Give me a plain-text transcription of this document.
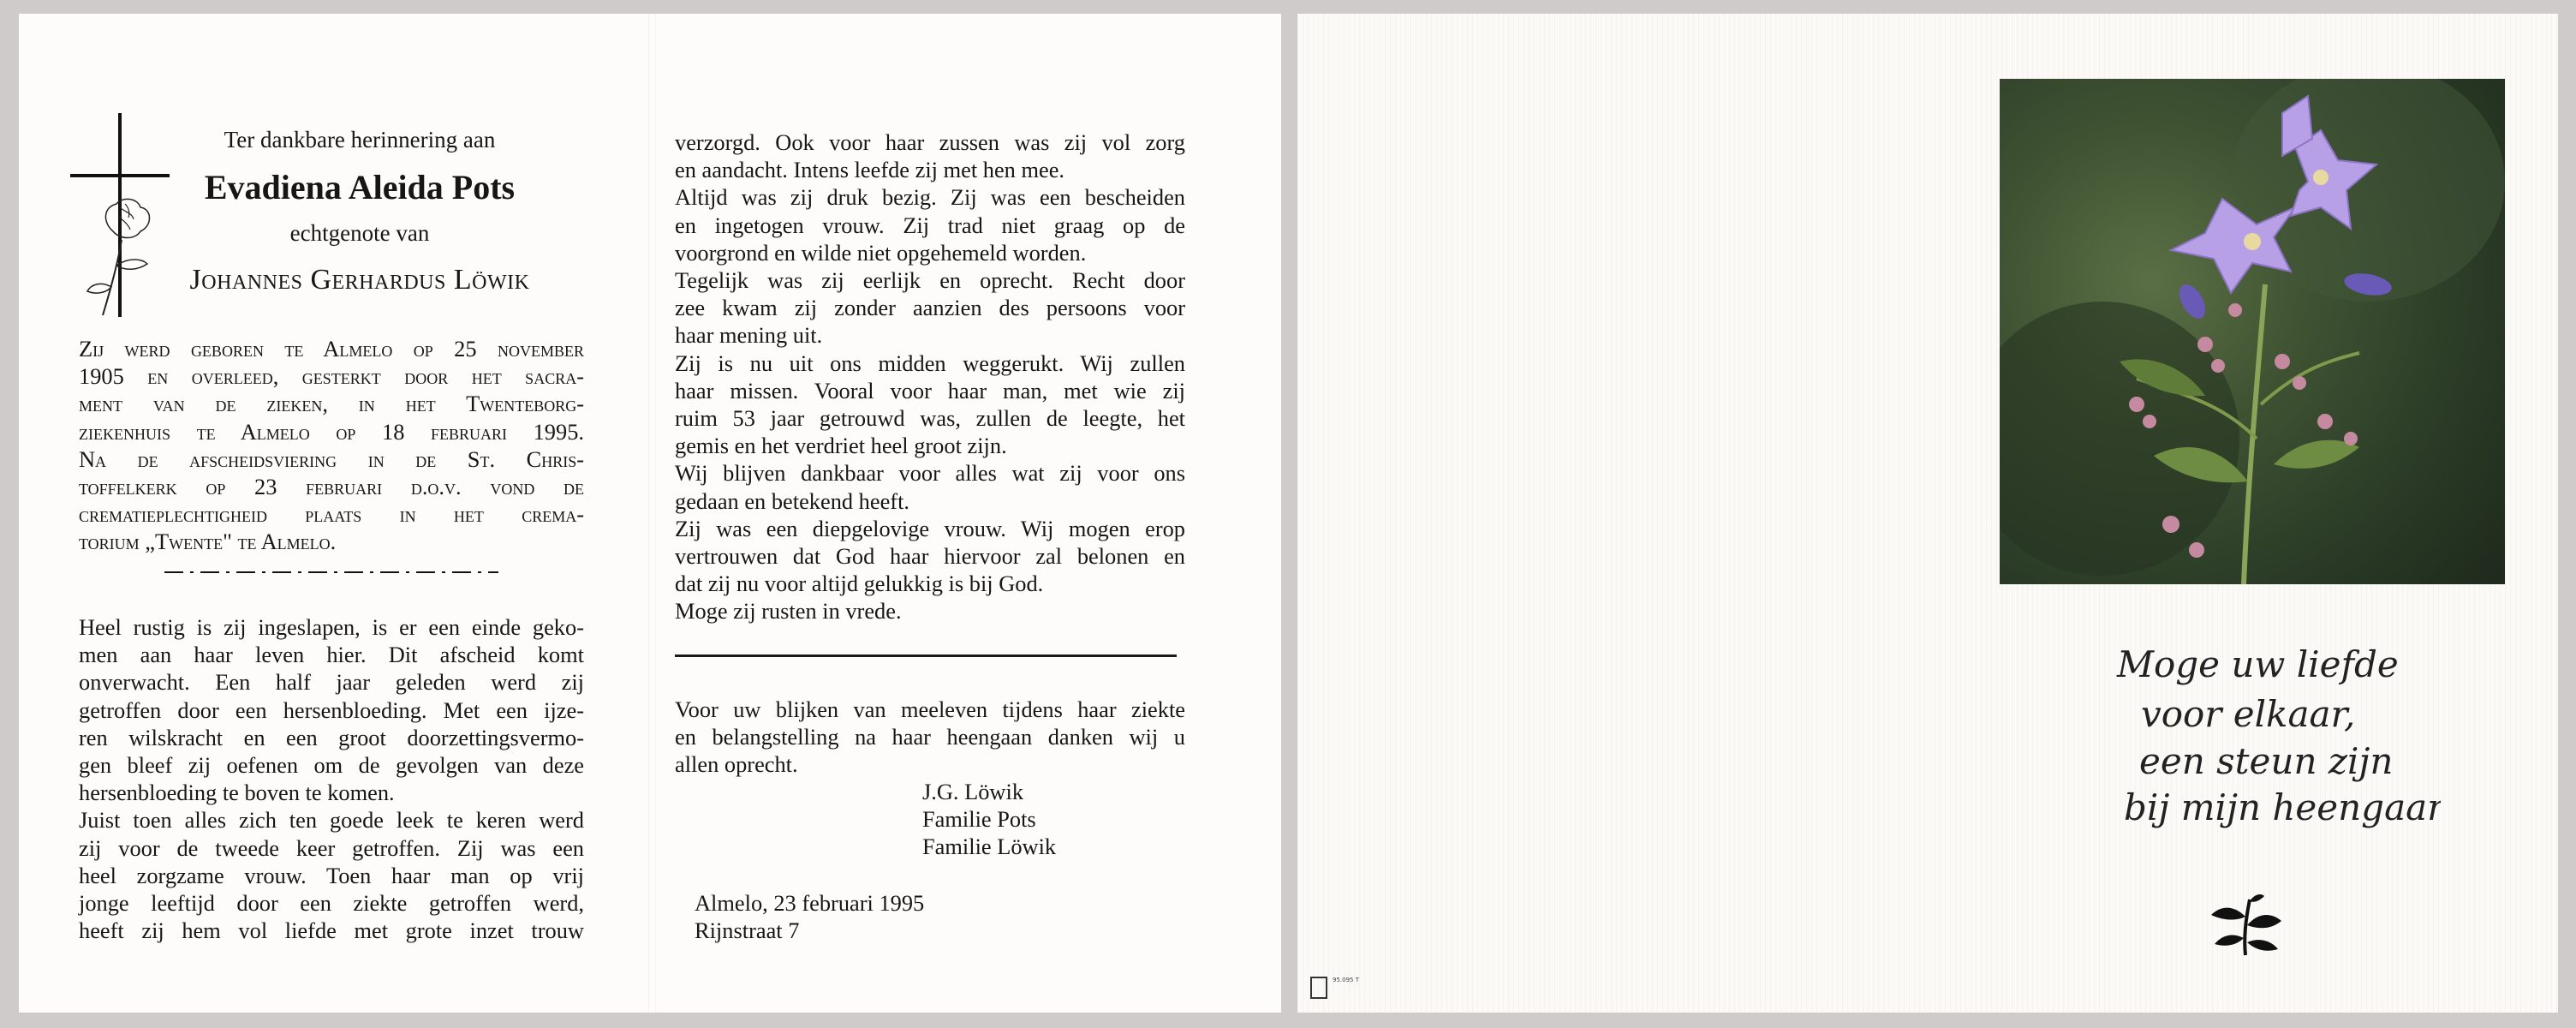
Ter dankbare herinnering aan
Evadiena Aleida Pots
echtgenote van
Johannes Gerhardus Löwik
Zij werd geboren te Almelo op 25 november
1905 en overleed, gesterkt door het sacra-
ment van de zieken, in het Twenteborg-
ziekenhuis te Almelo op 18 februari 1995.
Na de afscheidsviering in de St. Chris-
toffelkerk op 23 februari d.o.v. vond de
crematieplechtigheid plaats in het crema-
torium „Twente" te Almelo.
Heel rustig is zij ingeslapen, is er een einde geko-
men aan haar leven hier. Dit afscheid komt
onverwacht. Een half jaar geleden werd zij
getroffen door een hersenbloeding. Met een ijze-
ren wilskracht en een groot doorzettingsvermo-
gen bleef zij oefenen om de gevolgen van deze
hersenbloeding te boven te komen.
Juist toen alles zich ten goede leek te keren werd
zij voor de tweede keer getroffen. Zij was een
heel zorgzame vrouw. Toen haar man op vrij
jonge leeftijd door een ziekte getroffen werd,
heeft zij hem vol liefde met grote inzet trouw
verzorgd. Ook voor haar zussen was zij vol zorg
en aandacht. Intens leefde zij met hen mee.
Altijd was zij druk bezig. Zij was een bescheiden
en ingetogen vrouw. Zij trad niet graag op de
voorgrond en wilde niet opgehemeld worden.
Tegelijk was zij eerlijk en oprecht. Recht door
zee kwam zij zonder aanzien des persoons voor
haar mening uit.
Zij is nu uit ons midden weggerukt. Wij zullen
haar missen. Vooral voor haar man, met wie zij
ruim 53 jaar getrouwd was, zullen de leegte, het
gemis en het verdriet heel groot zijn.
Wij blijven dankbaar voor alles wat zij voor ons
gedaan en betekend heeft.
Zij was een diepgelovige vrouw. Wij mogen erop
vertrouwen dat God haar hiervoor zal belonen en
dat zij nu voor altijd gelukkig is bij God.
Moge zij rusten in vrede.
Voor uw blijken van meeleven tijdens haar ziekte
en belangstelling na haar heengaan danken wij u
allen oprecht.
J.G. Löwik
Familie Pots
Familie Löwik
Almelo, 23 februari 1995
Rijnstraat 7
Moge uw liefde
voor elkaar,
een steun zijn
bij mijn heengaan.
95.095 T
